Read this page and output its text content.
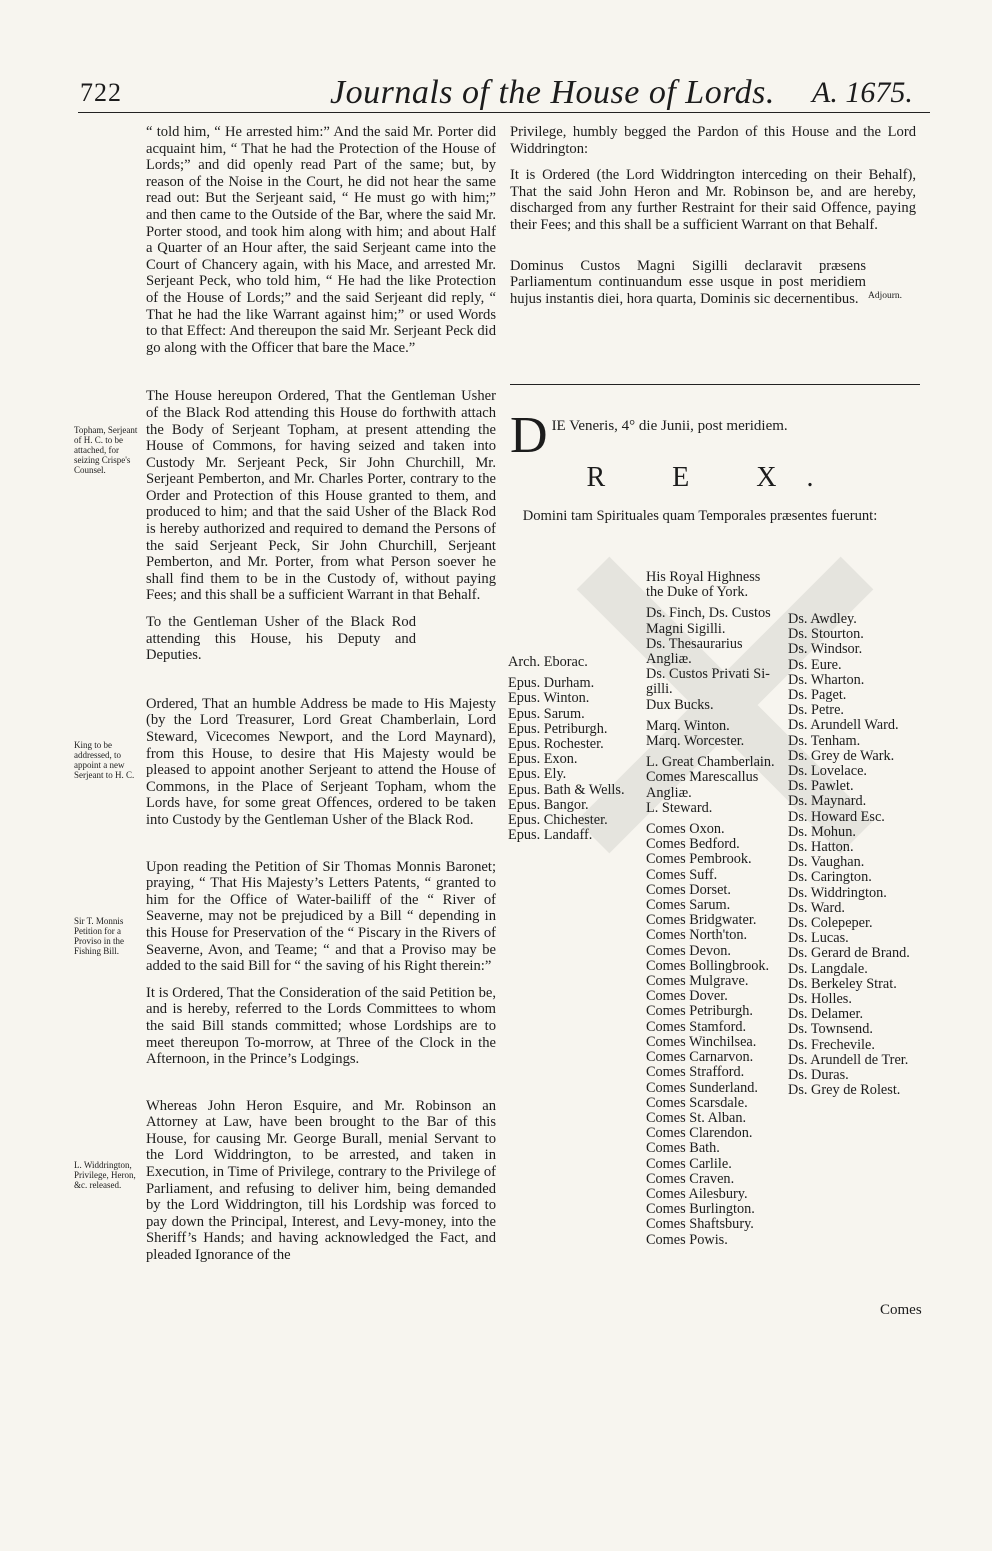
722	Journals of the House of Lords. A. 1675.
Topham, Serjeant of H. C. to be attached, for seizing Crispe's Counsel.
King to be addressed, to appoint a new Serjeant to H. C.
Sir T. Monnis Petition for a Proviso in the Fishing Bill.
L. Widdrington, Privilege, Heron, &c. released.

“ told him, “ He arrested him:” And the said Mr. Porter did acquaint him, “ That he had the Protection of the House of Lords;” and did openly read Part of the same; but, by reason of the Noise in the Court, he did not hear the same read out: But the Serjeant said, “ He must go with him;” and then came to the Outside of the Bar, where the said Mr. Porter stood, and took him along with him; and about Half a Quarter of an Hour after, the said Serjeant came into the Court of Chancery again, with his Mace, and arrested Mr. Serjeant Peck, who told him, “ He had the like Protection of the House of Lords;” and the said Serjeant did reply, “ That he had the like Warrant against him;” or used Words to that Effect: And thereupon the said Mr. Serjeant Peck did go along with the Officer that bare the Mace.”

The House hereupon Ordered, That the Gentleman Usher of the Black Rod attending this House do forthwith attach the Body of Serjeant Topham, at present attending the House of Commons, for having seized and taken into Custody Mr. Serjeant Peck, Sir John Churchill, Mr. Serjeant Pemberton, and Mr. Charles Porter, contrary to the Order and Protection of this House granted to them, and produced to him; and that the said Usher of the Black Rod is hereby authorized and required to demand the Persons of the said Serjeant Peck, Sir John Churchill, Serjeant Pemberton, and Mr. Porter, from what Person soever he shall find them to be in the Custody of, without paying Fees; and this shall be a sufficient Warrant in that Behalf.

To the Gentleman Usher of the Black Rod attending this House, his Deputy and Deputies.

Ordered, That an humble Address be made to His Majesty (by the Lord Treasurer, Lord Great Chamberlain, Lord Steward, Vicecomes Newport, and the Lord Maynard), from this House, to desire that His Majesty would be pleased to appoint another Serjeant to attend the House of Commons, in the Place of Serjeant Topham, whom the Lords have, for some great Offences, ordered to be taken into Custody by the Gentleman Usher of the Black Rod.

Upon reading the Petition of Sir Thomas Monnis Baronet; praying, “ That His Majesty’s Letters Patents, “ granted to him for the Office of Water-bailiff of the “ River of Seaverne, may not be prejudiced by a Bill “ depending in this House for Preservation of the “ Piscary in the Rivers of Seaverne, Avon, and Teame; “ and that a Proviso may be added to the said Bill for “ the saving of his Right therein:”

It is Ordered, That the Consideration of the said Petition be, and is hereby, referred to the Lords Committees to whom the said Bill stands committed; whose Lordships are to meet thereupon To-morrow, at Three of the Clock in the Afternoon, in the Prince’s Lodgings.

Whereas John Heron Esquire, and Mr. Robinson an Attorney at Law, have been brought to the Bar of this House, for causing Mr. George Burall, menial Servant to the Lord Widdrington, to be arrested, and taken in Execution, in Time of Privilege, contrary to the Privilege of Parliament, and refusing to deliver him, being demanded by the Lord Widdrington, till his Lordship was forced to pay down the Principal, Interest, and Levy-money, into the Sheriff’s Hands; and having acknowledged the Fact, and pleaded Ignorance of the

Privilege, humbly begged the Pardon of this House and the Lord Widdrington:

It is Ordered (the Lord Widdrington interceding on their Behalf), That the said John Heron and Mr. Robinson be, and are hereby, discharged from any further Restraint for their said Offence, paying their Fees; and this shall be a sufficient Warrant on that Behalf.

Dominus Custos Magni Sigilli declaravit præsens Parliamentum continuandum esse usque in post meridiem hujus instantis diei, hora quarta, Dominis sic decernentibus. Adjourn.
D IE Veneris, 4° die Junii, post meridiem.
R E X.
Domini tam Spirituales quam Temporales præsentes fuerunt:
Arch. Eborac.

Epus. Durham.
Epus. Winton.
Epus. Sarum.
Epus. Petriburgh.
Epus. Rochester.
Epus. Exon.
Epus. Ely.
Epus. Bath & Wells.
Epus. Bangor.
Epus. Chichester.
Epus. Landaff.
His Royal Highness
the Duke of York.

Ds. Finch, Ds. Custos
Magni Sigilli.
Ds. Thesaurarius
Angliæ.
Ds. Custos Privati Si-
gilli.
Dux Bucks.

Marq. Winton.
Marq. Worcester.

L. Great Chamberlain.
Comes Marescallus
Angliæ.
L. Steward.

Comes Oxon.
Comes Bedford.
Comes Pembrook.
Comes Suff.
Comes Dorset.
Comes Sarum.
Comes Bridgwater.
Comes North'ton.
Comes Devon.
Comes Bollingbrook.
Comes Mulgrave.
Comes Dover.
Comes Petriburgh.
Comes Stamford.
Comes Winchilsea.
Comes Carnarvon.
Comes Strafford.
Comes Sunderland.
Comes Scarsdale.
Comes St. Alban.
Comes Clarendon.
Comes Bath.
Comes Carlile.
Comes Craven.
Comes Ailesbury.
Comes Burlington.
Comes Shaftsbury.
Comes Powis.
Ds. Awdley.
Ds. Stourton.
Ds. Windsor.
Ds. Eure.
Ds. Wharton.
Ds. Paget.
Ds. Petre.
Ds. Arundell Ward.
Ds. Tenham.
Ds. Grey de Wark.
Ds. Lovelace.
Ds. Pawlet.
Ds. Maynard.
Ds. Howard Esc.
Ds. Mohun.
Ds. Hatton.
Ds. Vaughan.
Ds. Carington.
Ds. Widdrington.
Ds. Ward.
Ds. Colepeper.
Ds. Lucas.
Ds. Gerard de Brand.
Ds. Langdale.
Ds. Berkeley Strat.
Ds. Holles.
Ds. Delamer.
Ds. Townsend.
Ds. Frechevile.
Ds. Arundell de Trer.
Ds. Duras.
Ds. Grey de Rolest.
Comes
